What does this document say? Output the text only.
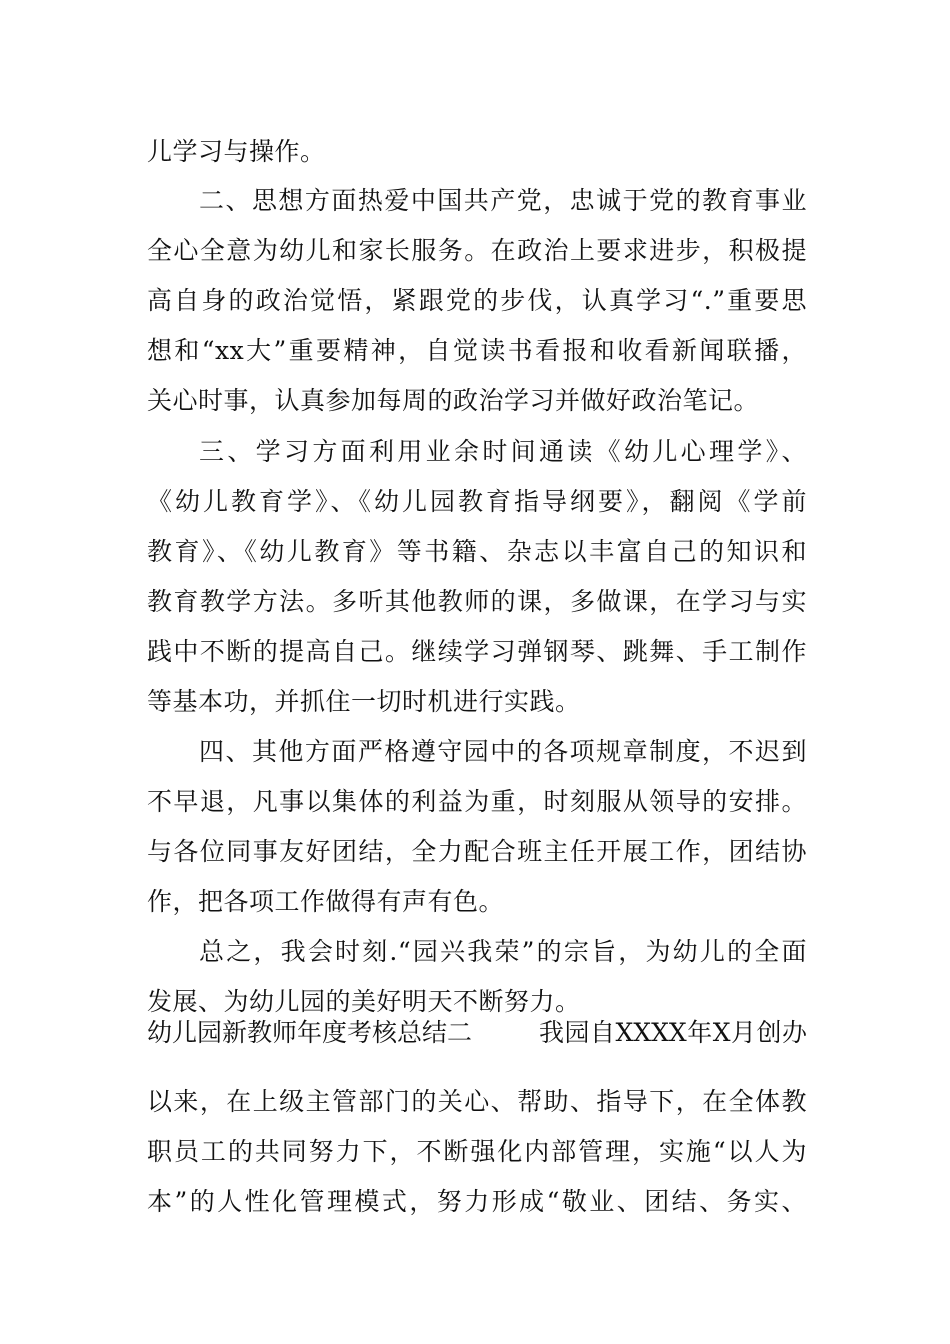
儿学习与操作。
二、思想方面热爱中国共产党，忠诚于党的教育事业
全心全意为幼儿和家长服务。在政治上要求进步，积极提
高自身的政治觉悟，紧跟党的步伐，认真学习“.”重要思
想和“xx大”重要精神，自觉读书看报和收看新闻联播，
关心时事，认真参加每周的政治学习并做好政治笔记。
三、学习方面利用业余时间通读《幼儿心理学》、
《幼儿教育学》、《幼儿园教育指导纲要》，翻阅《学前
教育》、《幼儿教育》等书籍、杂志以丰富自己的知识和
教育教学方法。多听其他教师的课，多做课，在学习与实
践中不断的提高自己。继续学习弹钢琴、跳舞、手工制作
等基本功，并抓住一切时机进行实践。
四、其他方面严格遵守园中的各项规章制度，不迟到
不早退，凡事以集体的利益为重，时刻服从领导的安排。
与各位同事友好团结，全力配合班主任开展工作，团结协
作，把各项工作做得有声有色。
总之，我会时刻.“园兴我荣”的宗旨，为幼儿的全面
发展、为幼儿园的美好明天不断努力。
幼儿园新教师年度考核总结二	我园自XXXX年X月创办
以来，在上级主管部门的关心、帮助、指导下，在全体教
职员工的共同努力下，不断强化内部管理，实施“以人为
本”的人性化管理模式，努力形成“敬业、团结、务实、
